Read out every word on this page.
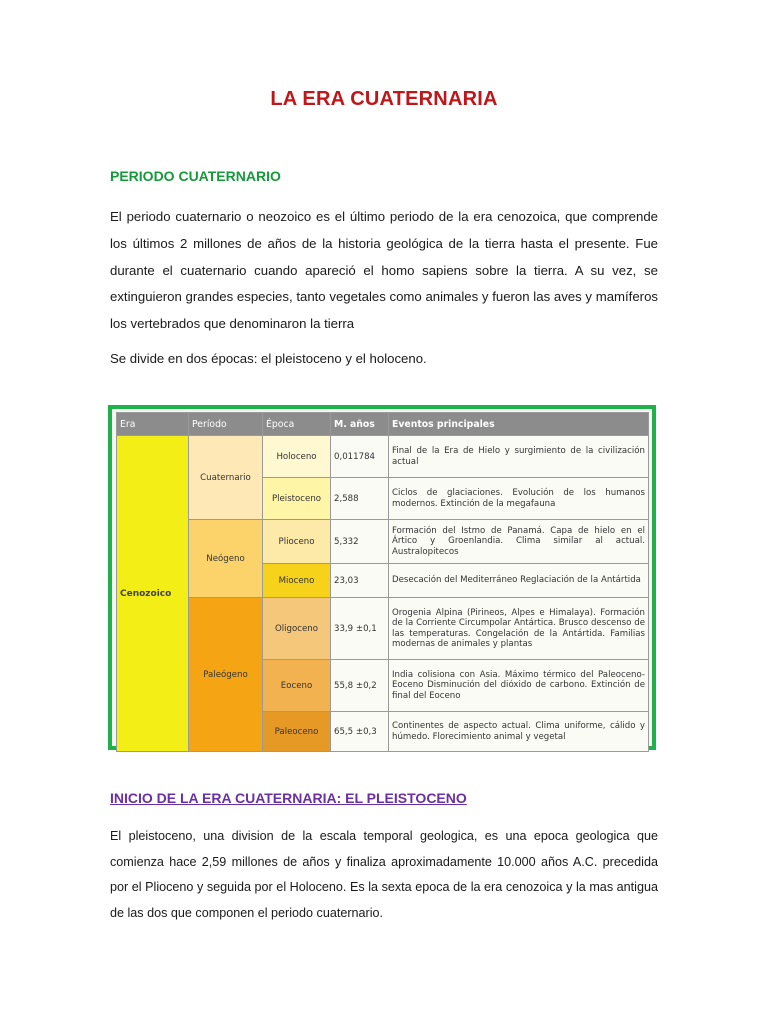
LA ERA CUATERNARIA
PERIODO CUATERNARIO
El periodo cuaternario o neozoico es el último periodo de la era cenozoica, que comprende los últimos 2 millones de años de la historia geológica de la tierra hasta el presente. Fue durante el cuaternario cuando apareció el homo sapiens sobre la tierra. A su vez, se extinguieron grandes especies, tanto vegetales como animales y fueron las aves y mamíferos los vertebrados que denominaron la tierra
Se divide en dos épocas: el pleistoceno y el holoceno.
Era	Período	Época	M. años	Eventos principales
Cenozoico	Cuaternario	Holoceno	0,011784	Final de la Era de Hielo y surgimiento de la civilización actual
		Pleistoceno	2,588	Ciclos de glaciaciones. Evolución de los humanos modernos. Extinción de la megafauna
	Neógeno	Plioceno	5,332	Formación del Istmo de Panamá. Capa de hielo en el Ártico y Groenlandia. Clima similar al actual. Australopitecos
		Mioceno	23,03	Desecación del Mediterráneo Reglaciación de la Antártida
	Paleógeno	Oligoceno	33,9 ±0,1	Orogenia Alpina (Pirineos, Alpes e Himalaya). Formación de la Corriente Circumpolar Antártica. Brusco descenso de las temperaturas. Congelación de la Antártida. Familias modernas de animales y plantas
		Eoceno	55,8 ±0,2	India colisiona con Asia. Máximo térmico del Paleoceno-Eoceno Disminución del dióxido de carbono. Extinción de final del Eoceno
		Paleoceno	65,5 ±0,3	Continentes de aspecto actual. Clima uniforme, cálido y húmedo. Florecimiento animal y vegetal
INICIO DE LA ERA CUATERNARIA: EL PLEISTOCENO
El pleistoceno, una division de la escala temporal geologica, es una epoca geologica que comienza hace 2,59 millones de años y finaliza aproximadamente 10.000 años A.C. precedida por el Plioceno y seguida por el Holoceno. Es la sexta epoca de la era cenozoica y la mas antigua de las dos que componen el periodo cuaternario.
